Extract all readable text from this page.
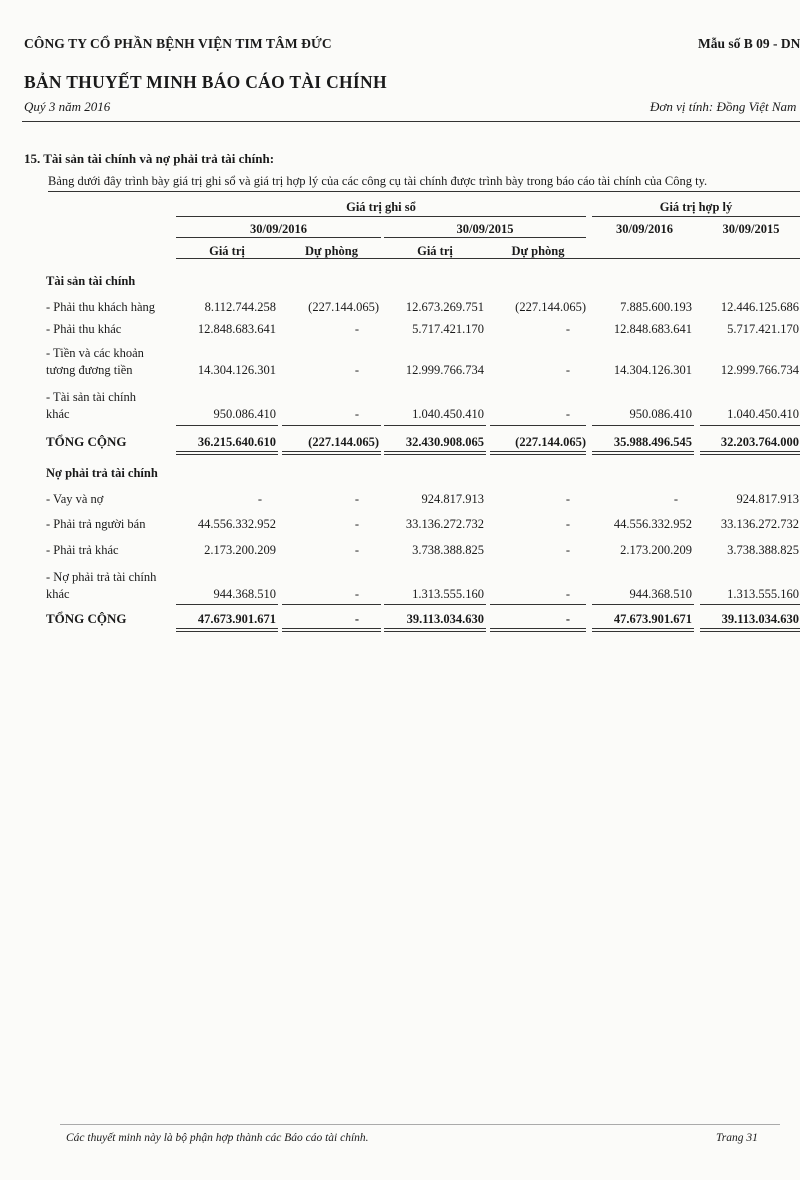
CÔNG TY CỔ PHẦN BỆNH VIỆN TIM TÂM ĐỨC	Mẫu số B 09 - DN
BẢN THUYẾT MINH BÁO CÁO TÀI CHÍNH
Quý 3 năm 2016	Đơn vị tính: Đồng Việt Nam
15. Tài sản tài chính và nợ phải trả tài chính:
Bảng dưới đây trình bày giá trị ghi sổ và giá trị hợp lý của các công cụ tài chính được trình bày trong báo cáo tài chính của Công ty.
Giá trị ghi sổ	Giá trị hợp lý
30/09/2016	30/09/2015	30/09/2016	30/09/2015
Giá trị	Dự phòng	Giá trị	Dự phòng
Tài sản tài chính
- Phải thu khách hàng	8.112.744.258	(227.144.065)	12.673.269.751	(227.144.065)	7.885.600.193	12.446.125.686
- Phải thu khác	12.848.683.641	-	5.717.421.170	-	12.848.683.641	5.717.421.170
- Tiền và các khoản
tương đương tiền	14.304.126.301	-	12.999.766.734	-	14.304.126.301	12.999.766.734
- Tài sản tài chính
khác	950.086.410	-	1.040.450.410	-	950.086.410	1.040.450.410
TỔNG CỘNG	36.215.640.610	(227.144.065)	32.430.908.065	(227.144.065)	35.988.496.545	32.203.764.000
Nợ phải trả tài chính
- Vay và nợ	-	-	924.817.913	-	-	924.817.913
- Phải trả người bán	44.556.332.952	-	33.136.272.732	-	44.556.332.952	33.136.272.732
- Phải trả khác	2.173.200.209	-	3.738.388.825	-	2.173.200.209	3.738.388.825
- Nợ phải trả tài chính
khác	944.368.510	-	1.313.555.160	-	944.368.510	1.313.555.160
TỔNG CỘNG	47.673.901.671	-	39.113.034.630	-	47.673.901.671	39.113.034.630
Các thuyết minh này là bộ phận hợp thành các Báo cáo tài chính.	Trang 31
